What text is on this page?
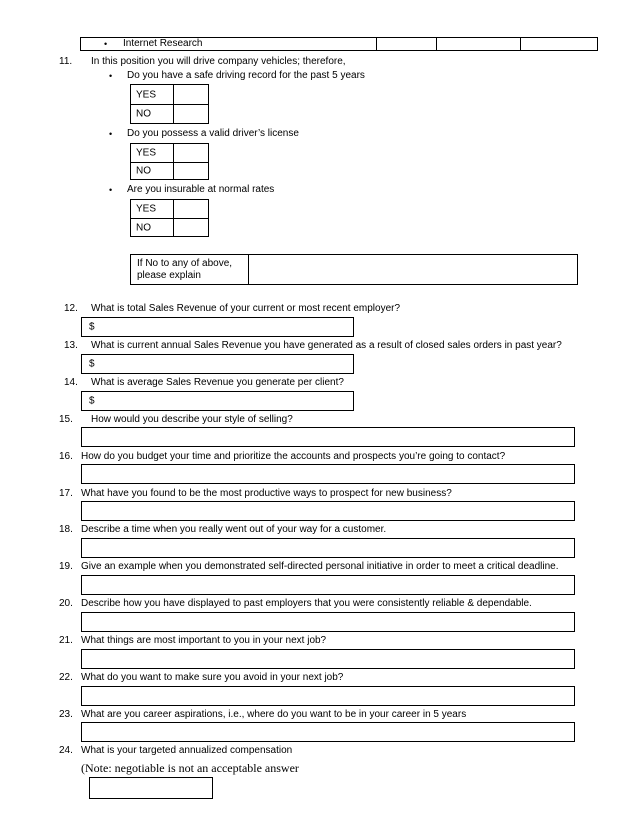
• Internet Research
11. In this position you will drive company vehicles; therefore,
• Do you have a safe driving record for the past 5 years
YES
NO
• Do you possess a valid driver’s license
YES
NO
• Are you insurable at normal rates
YES
NO
If No to any of above,
please explain
12. What is total Sales Revenue of your current or most recent employer?
$
13. What is current annual Sales Revenue you have generated as a result of closed sales orders in past year?
$
14. What is average Sales Revenue you generate per client?
$
15. How would you describe your style of selling?
16. How do you budget your time and prioritize the accounts and prospects you’re going to contact?
17. What have you found to be the most productive ways to prospect for new business?
18. Describe a time when you really went out of your way for a customer.
19. Give an example when you demonstrated self-directed personal initiative in order to meet a critical deadline.
20. Describe how you have displayed to past employers that you were consistently reliable & dependable.
21. What things are most important to you in your next job?
22. What do you want to make sure you avoid in your next job?
23. What are you career aspirations, i.e., where do you want to be in your career in 5 years
24. What is your targeted annualized compensation
(Note: negotiable is not an acceptable answer
